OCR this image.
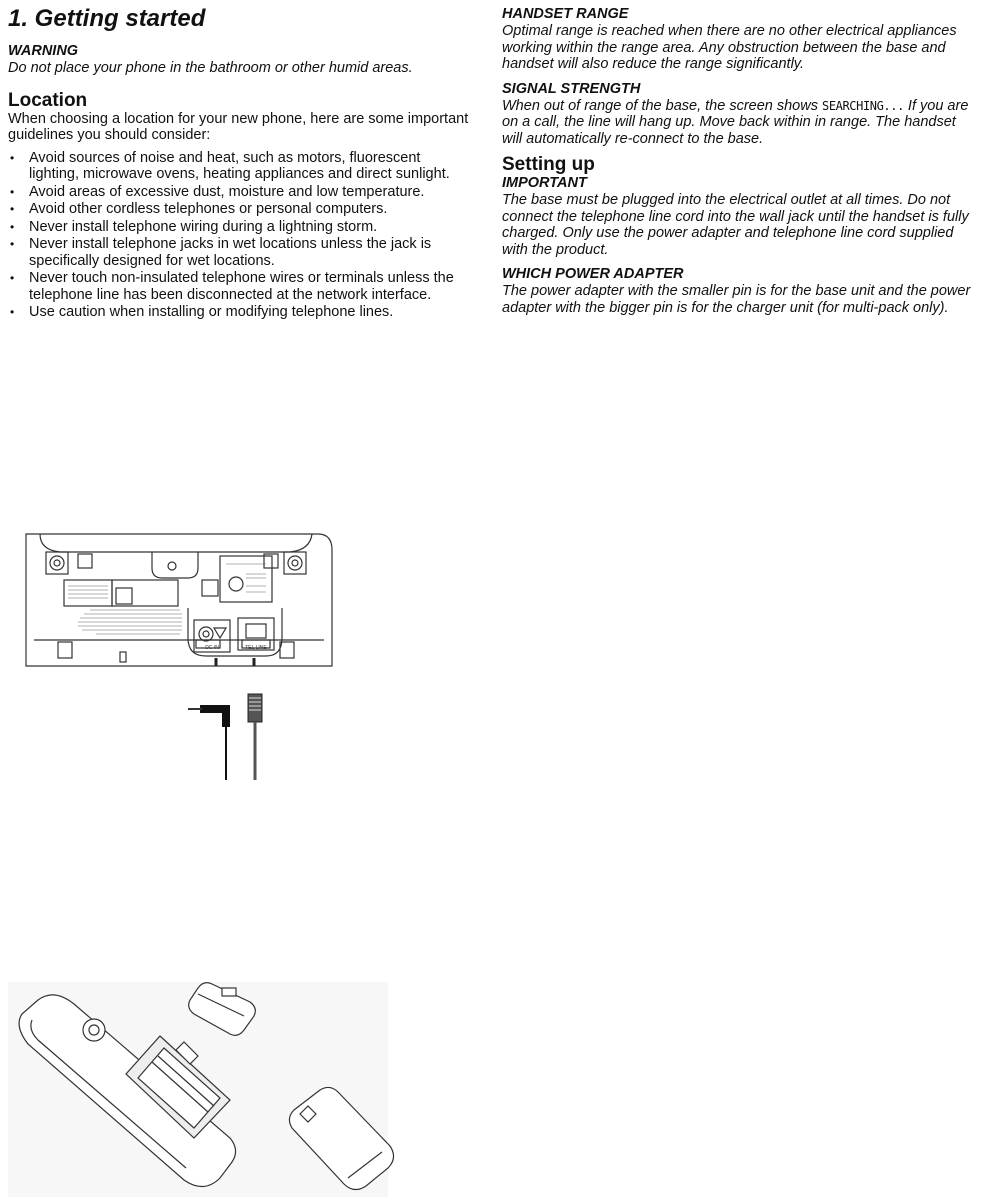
1. Getting started
WARNING
Do not place your phone in the bathroom or other humid areas.
Location
When choosing a location for your new phone, here are some important guidelines you should consider:
• Avoid sources of noise and heat, such as motors, fluorescent lighting, microwave ovens, heating appliances and direct sunlight.
• Avoid areas of excessive dust, moisture and low temperature.
• Avoid other cordless telephones or personal computers.
• Never install telephone wiring during a lightning storm.
• Never install telephone jacks in wet locations unless the jack is specifically designed for wet locations.
• Never touch non-insulated telephone wires or terminals unless the telephone line has been disconnected at the network interface.
• Use caution when installing or modifying telephone lines.
HANDSET RANGE
Optimal range is reached when there are no other electrical appliances working within the range area. Any obstruction between the base and handset will also reduce the range significantly.
SIGNAL STRENGTH
When out of range of the base, the screen shows SEARCHING... If you are on a call, the line will hang up. Move back within in range. The handset will automatically re-connect to the base.
Setting up
IMPORTANT
The base must be plugged into the electrical outlet at all times. Do not connect the telephone line cord into the wall jack until the handset is fully charged. Only use the power adapter and telephone line cord supplied with the product.
WHICH POWER ADAPTER
The power adapter with the smaller pin is for the base unit and the power adapter with the bigger pin is for the charger unit (for multi-pack only).
DC IN	TEL LINE
